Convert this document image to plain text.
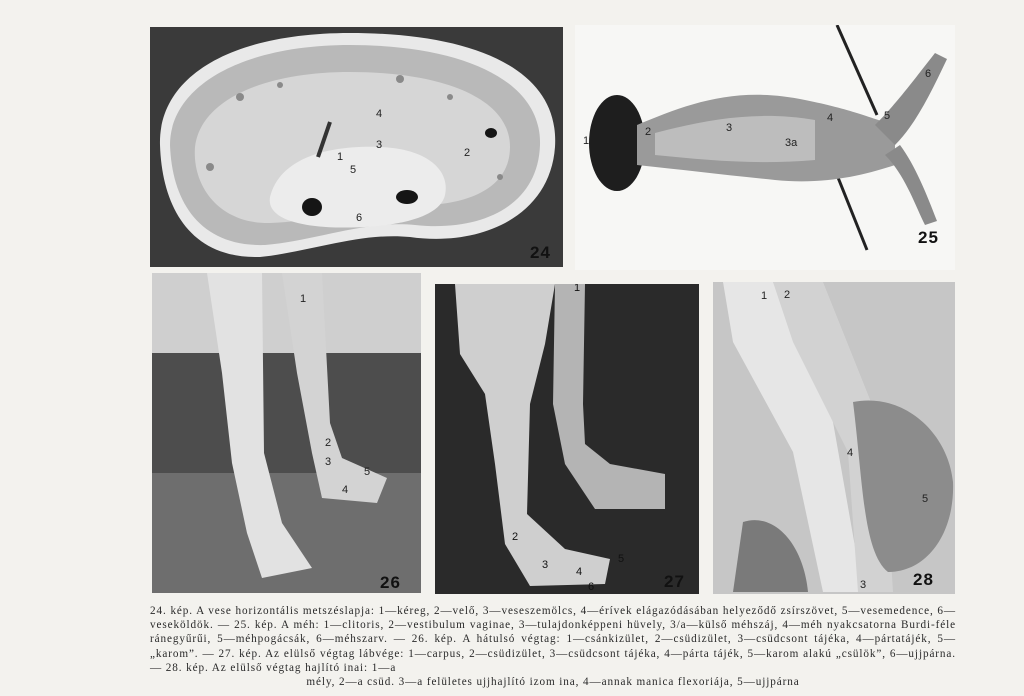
4
3
2
1
5
6
24
6
1
2	3
3a
4	5
25
1
2
3
5
4
26
1
2
3
4
5
6	27
1 2
4
5
3	28
24. kép. A vese horizontális metszéslapja: 1—kéreg, 2—velő, 3—veseszemölcs, 4—érívek elágazódásában helyeződő zsírszövet, 5—vesemedence, 6—veseköldök. — 25. kép. A méh: 1—clitoris, 2—vestibulum vaginae, 3—tulajdonképpeni hüvely, 3/a—külső méhszáj, 4—méh nyakcsatorna Burdi-féle ránegyűrűi, 5—méhpogácsák, 6—méhszarv. — 26. kép. A hátulsó végtag: 1—csánkizület, 2—csüdizület, 3—csüdcsont tájéka, 4—pártatájék, 5—„karom”. — 27. kép. Az elülső végtag lábvége: 1—carpus, 2—csüdizület, 3—csüdcsont tájéka, 4—párta tájék, 5—karom alakú „csülök”, 6—ujjpárna. — 28. kép. Az elülső végtag hajlító inai: 1—a
mély, 2—a csüd. 3—a felületes ujjhajlító izom ina, 4—annak manica flexoriája, 5—ujjpárna
